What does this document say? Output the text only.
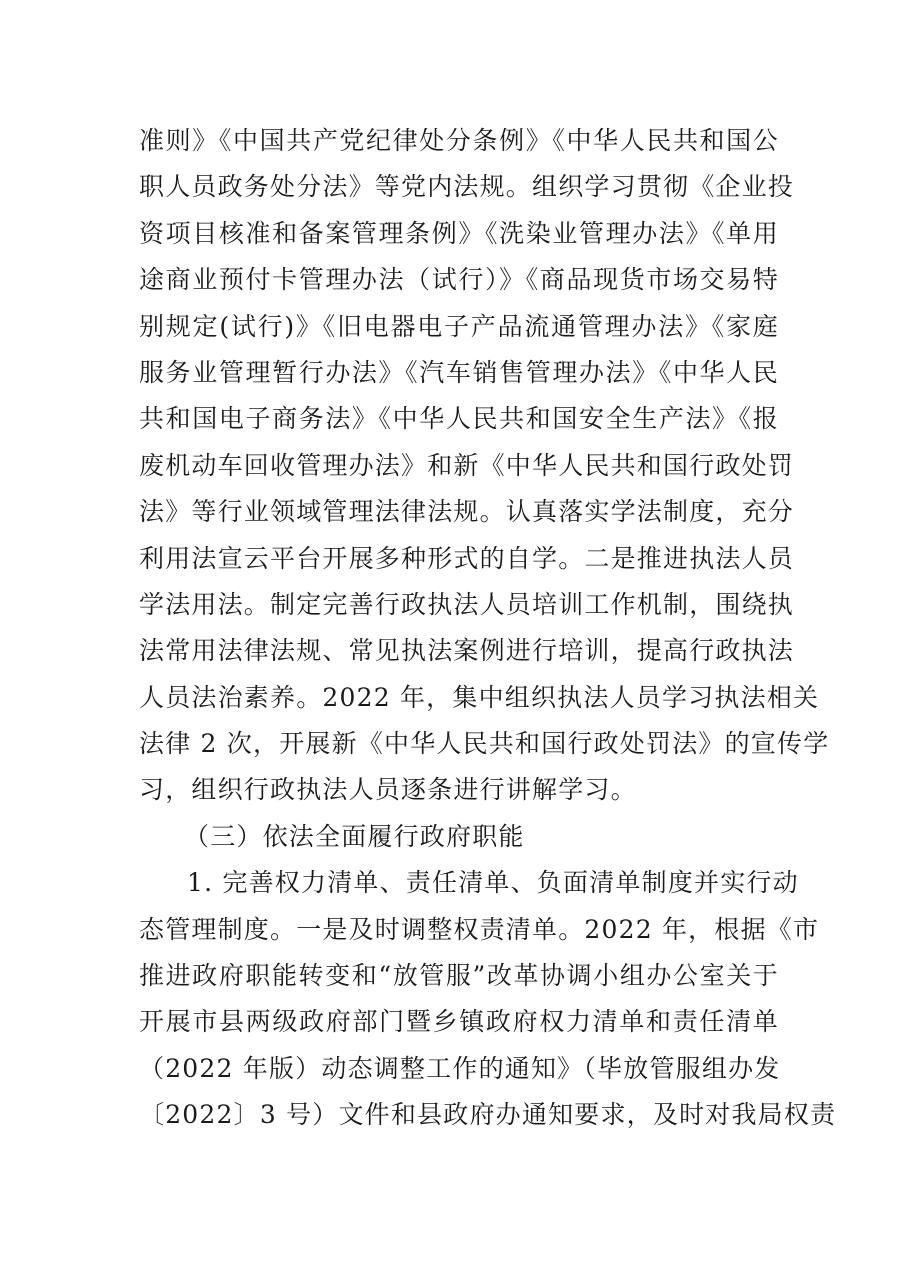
准则》《中国共产党纪律处分条例》《中华人民共和国公
职人员政务处分法》等党内法规。组织学习贯彻《企业投
资项目核准和备案管理条例》《洗染业管理办法》《单用
途商业预付卡管理办法（试行）》《商品现货市场交易特
别规定(试行)》《旧电器电子产品流通管理办法》《家庭
服务业管理暂行办法》《汽车销售管理办法》《中华人民
共和国电子商务法》《中华人民共和国安全生产法》《报
废机动车回收管理办法》和新《中华人民共和国行政处罚
法》等行业领域管理法律法规。认真落实学法制度，充分
利用法宣云平台开展多种形式的自学。二是推进执法人员
学法用法。制定完善行政执法人员培训工作机制，围绕执
法常用法律法规、常见执法案例进行培训，提高行政执法
人员法治素养。2022 年，集中组织执法人员学习执法相关
法律 2 次，开展新《中华人民共和国行政处罚法》的宣传学
习，组织行政执法人员逐条进行讲解学习。
（三）依法全面履行政府职能
1. 完善权力清单、责任清单、负面清单制度并实行动
态管理制度。一是及时调整权责清单。2022 年，根据《市
推进政府职能转变和“放管服”改革协调小组办公室关于
开展市县两级政府部门暨乡镇政府权力清单和责任清单
（2022 年版）动态调整工作的通知》（毕放管服组办发
〔2022〕3 号）文件和县政府办通知要求，及时对我局权责
